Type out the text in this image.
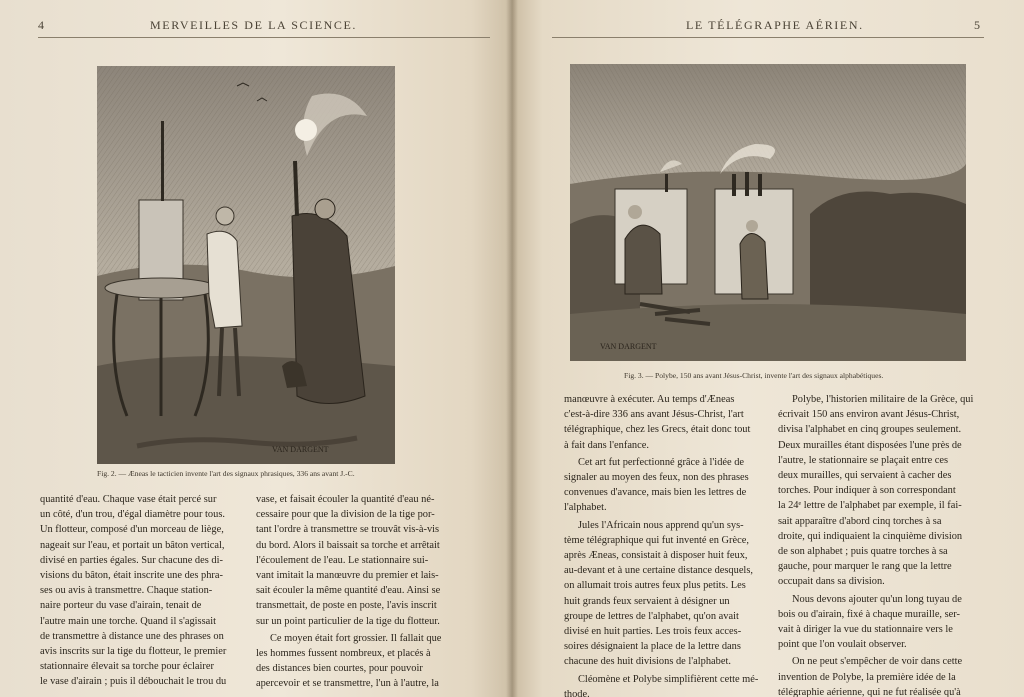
4	MERVEILLES DE LA SCIENCE.
VAN DARGENT
Fig. 2. — Æneas le tacticien invente l'art des signaux phrasiques, 336 ans avant J.-C.

quantité d'eau. Chaque vase était percé sur
un côté, d'un trou, d'égal diamètre pour tous.
Un flotteur, composé d'un morceau de liège,
nageait sur l'eau, et portait un bâton vertical,
divisé en parties égales. Sur chacune des di-
visions du bâton, était inscrite une des phra-
ses ou avis à transmettre. Chaque station-
naire porteur du vase d'airain, tenait de
l'autre main une torche. Quand il s'agissait
de transmettre à distance une des phrases on
avis inscrits sur la tige du flotteur, le premier
stationnaire élevait sa torche pour éclairer
le vase d'airain ; puis il débouchait le trou du

vase, et faisait écouler la quantité d'eau né-
cessaire pour que la division de la tige por-
tant l'ordre à transmettre se trouvât vis-à-vis
du bord. Alors il baissait sa torche et arrêtait
l'écoulement de l'eau. Le stationnaire sui-
vant imitait la manœuvre du premier et lais-
sait écouler la même quantité d'eau. Ainsi se
transmettait, de poste en poste, l'avis inscrit
sur un point particulier de la tige du flotteur.

Ce moyen était fort grossier. Il fallait que
les hommes fussent nombreux, et placés à
des distances bien courtes, pour pouvoir
apercevoir et se transmettre, l'un à l'autre, la

LE TÉLÉGRAPHE AÉRIEN.	5
VAN DARGENT
Fig. 3. — Polybe, 150 ans avant Jésus-Christ, invente l'art des signaux alphabétiques.

manœuvre à exécuter. Au temps d'Æneas
c'est-à-dire 336 ans avant Jésus-Christ, l'art
télégraphique, chez les Grecs, était donc tout
à fait dans l'enfance.

Cet art fut perfectionné grâce à l'idée de
signaler au moyen des feux, non des phrases
convenues d'avance, mais bien les lettres de
l'alphabet.

Jules l'Africain nous apprend qu'un sys-
tème télégraphique qui fut inventé en Grèce,
après Æneas, consistait à disposer huit feux,
au-devant et à une certaine distance desquels,
on allumait trois autres feux plus petits. Les
huit grands feux servaient à désigner un
groupe de lettres de l'alphabet, qu'on avait
divisé en huit parties. Les trois feux acces-
soires désignaient la place de la lettre dans
chacune des huit divisions de l'alphabet.

Cléomène et Polybe simplifièrent cette mé-
thode.

Polybe, l'historien militaire de la Grèce, qui
écrivait 150 ans environ avant Jésus-Christ,
divisa l'alphabet en cinq groupes seulement.
Deux murailles étant disposées l'une près de
l'autre, le stationnaire se plaçait entre ces
deux murailles, qui servaient à cacher des
torches. Pour indiquer à son correspondant
la 24ᵉ lettre de l'alphabet par exemple, il fai-
sait apparaître d'abord cinq torches à sa
droite, qui indiquaient la cinquième division
de son alphabet ; puis quatre torches à sa
gauche, pour marquer le rang que la lettre
occupait dans sa division.

Nous devons ajouter qu'un long tuyau de
bois ou d'airain, fixé à chaque muraille, ser-
vait à diriger la vue du stationnaire vers le
point que l'on voulait observer.

On ne peut s'empêcher de voir dans cette
invention de Polybe, la première idée de la
télégraphie aérienne, qui ne fut réalisée qu'à
